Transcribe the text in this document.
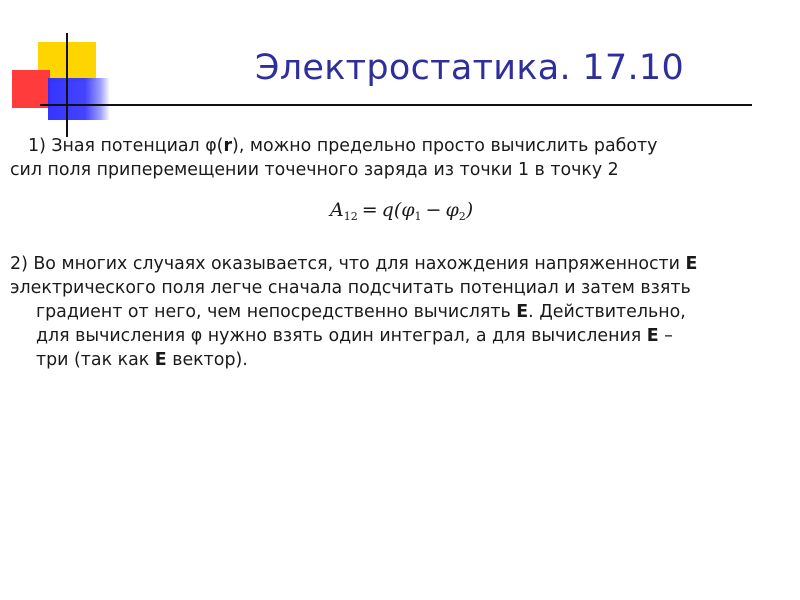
Электростатика. 17.10
1) Зная потенциал φ(r), можно предельно просто вычислить работу
сил поля приперемещении точечного заряда из точки 1 в точку 2
$A_{12} = q(\varphi_1 - \varphi_2)$
2) Во многих случаях оказывается, что для нахождения напряженности E
электрического поля легче сначала подсчитать потенциал и затем взять
градиент от него, чем непосредственно вычислять E. Действительно,
для вычисления φ нужно взять один интеграл, а для вычисления E –
три (так как E вектор).
